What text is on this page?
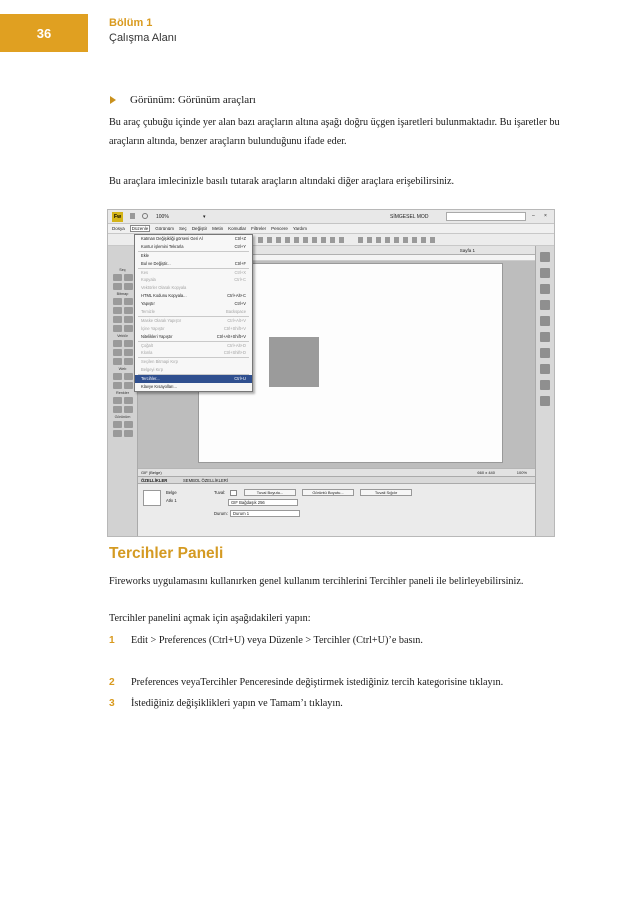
36
Bölüm 1
Çalışma Alanı
Görünüm: Görünüm araçları
Bu araç çubuğu içinde yer alan bazı araçların altına aşağı doğru üçgen işaretleri bulunmaktadır. Bu işaretler bu araçların altında, benzer araçların bulunduğunu ifade eder.
Bu araçlara imlecinizle basılı tutarak araçların altındaki diğer araçlara erişebilirsiniz.
Fw	100%	▾	SİMGESEL MOD	– ×
Dosya	Düzenle	Görünüm Seç Değiştir Metin Komutlar Filtreler Pencere Yardım
Seç
Bitmap
Vektör
Web
Renkler
Görünüm
Sayfa 1
GIF (Belge)	660 x 440	100%
ÖZELLİKLER	SEMBOL ÖZELLİKLERİ
Belge
Atkı 1
Tuval:	Tuval Boyutu...	Görüntü Boyutu...	Tuvali Sığdır
GIF Bağdaşık 256
Durum:	Durum 1
Katman Değişikliği görseni Geri Al	Ctrl+Z
Kontur işlemini Tekrarla	Ctrl+Y
Ekle
Bul ve Değiştir...	Ctrl+F
Kes	Ctrl+X
Kopyala	Ctrl+C
Vektörler Olarak Kopyala
HTML Kodunu Kopyala...	Ctrl+Alt+C
Yapıştır	Ctrl+V
Temizle	Backspace
Maske Olarak Yapıştır	Ctrl+Alt+V
İçine Yapıştır	Ctrl+Shift+V
Nitelikleri Yapıştır	Ctrl+Alt+Shift+V
Çoğalt	Ctrl+Alt+D
Klonla	Ctrl+Shift+D
Seçilen Bitmapi Kırp
Belgeyi Kırp
Tercihler...	Ctrl+U
Klavye Kısayolları...
Tercihler Paneli
Fireworks uygulamasını kullanırken genel kullanım tercihlerini Tercihler paneli ile belirleyebilirsiniz.
Tercihler panelini açmak için aşağıdakileri yapın:
1 Edit > Preferences (Ctrl+U) veya Düzenle > Tercihler (Ctrl+U)’e basın.
2 Preferences veyaTercihler Penceresinde değiştirmek istediğiniz tercih kategorisine tıklayın.
3 İstediğiniz değişiklikleri yapın ve Tamam’ı tıklayın.
